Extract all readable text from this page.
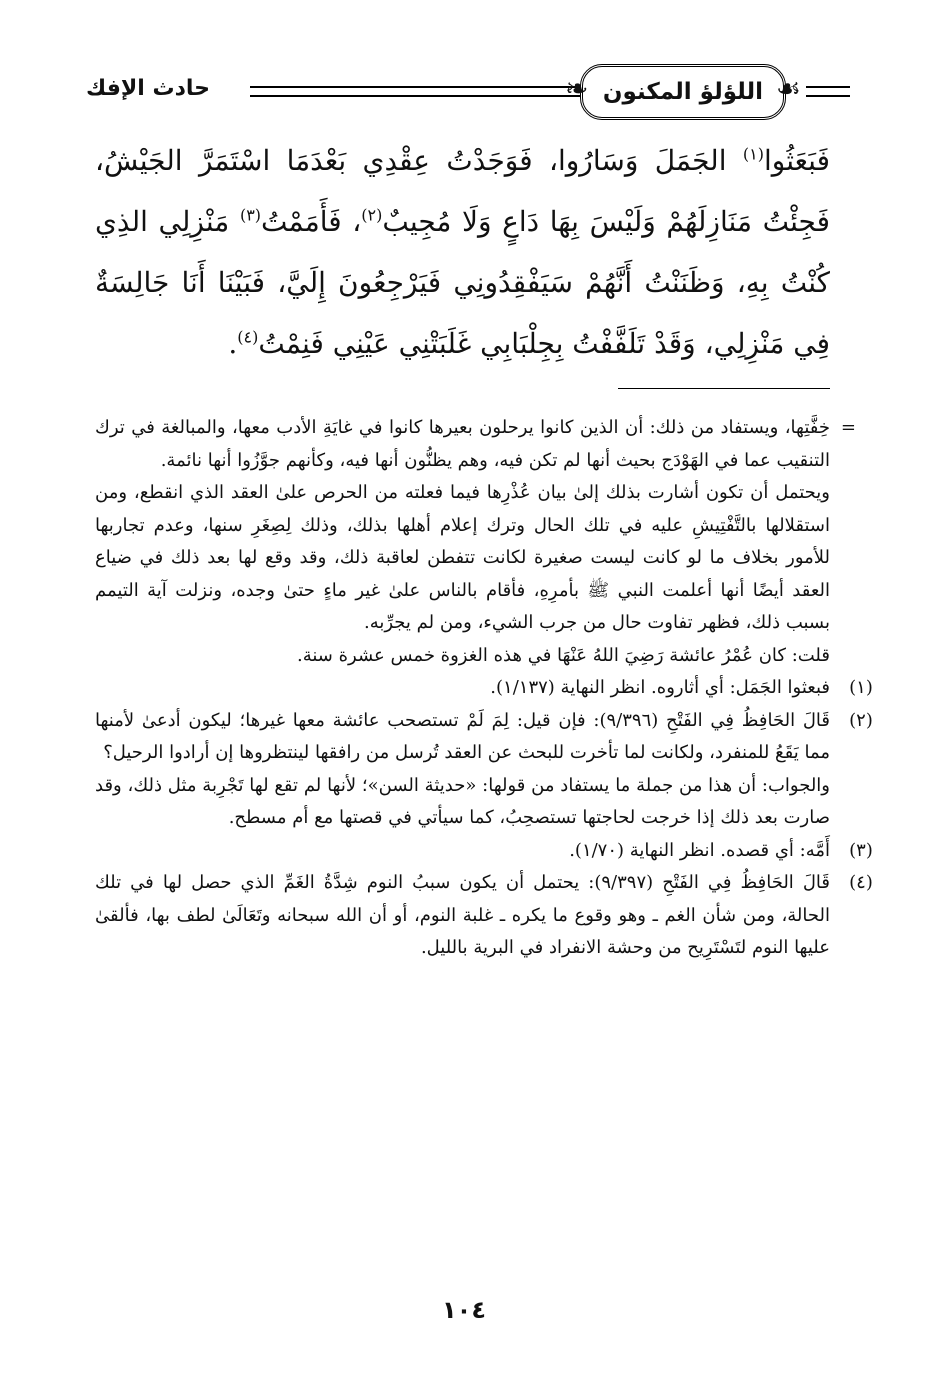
حادث الإفك	☙
اللؤلؤ المكنون
❧
فَبَعَثُوا$^{(١)}$ الجَمَلَ وَسَارُوا، فَوَجَدْتُ عِقْدِي بَعْدَمَا اسْتَمَرَّ الجَيْشُ، فَجِئْتُ مَنَازِلَهُمْ وَلَيْسَ بِهَا دَاعٍ وَلَا مُجِيبٌ$^{(٢)}$، فَأَمَمْتُ$^{(٣)}$ مَنْزِلِي الذِي كُنْتُ بِهِ، وَظَنَنْتُ أَنَّهُمْ سَيَفْقِدُونِي فَيَرْجِعُونَ إِلَيَّ، فَبَيْنَا أَنَا جَالِسَةٌ فِي مَنْزِلِي، وَقَدْ تَلَفَّفْتُ بِجِلْبَابِي غَلَبَتْنِي عَيْنِي فَنِمْتُ$^{(٤)}$.

=
خِفَّتِها، ويستفاد من ذلك: أن الذين كانوا يرحلون بعيرها كانوا في غايَةِ الأدب معها، والمبالغة في ترك التنقيب عما في الهَوْدَج بحيث أنها لم تكن فيه، وهم يظنُّون أنها فيه، وكأنهم جوَّزُوا أنها نائمة.

ويحتمل أن تكون أشارت بذلك إلىٰ بيان عُذْرِها فيما فعلته من الحرص علىٰ العقد الذي انقطع، ومن استقلالها بالتَّفْتِيشِ عليه في تلك الحال وترك إعلام أهلها بذلك، وذلك لِصِغَرِ سنها، وعدم تجاربها للأمور بخلاف ما لو كانت ليست صغيرة لكانت تتفطن لعاقبة ذلك، وقد وقع لها بعد ذلك في ضياع العقد أيضًا أنها أعلمت النبي ﷺ بأمرِهِ، فأقام بالناس علىٰ غير ماءٍ حتىٰ وجده، ونزلت آية التيمم بسبب ذلك، فظهر تفاوت حال من جرب الشيء، ومن لم يجرِّبه.

قلت: كان عُمْرُ عائشة رَضِيَ اللهُ عَنْهَا في هذه الغزوة خمس عشرة سنة.

(١)
فبعثوا الجَمَل: أي أثاروه. انظر النهاية (١/١٣٧).

(٢)
قَالَ الحَافِظُ فِي الفَتْحِ (٩/٣٩٦): فإن قيل: لِمَ لَمْ تستصحب عائشة معها غيرها؛ ليكون أدعىٰ لأمنها مما يَقَعُ للمنفرد، ولكانت لما تأخرت للبحث عن العقد تُرسل من رافقها لينتظروها إن أرادوا الرحيل؟

والجواب: أن هذا من جملة ما يستفاد من قولها: «حديثة السن»؛ لأنها لم تقع لها تَجْرِبة مثل ذلك، وقد صارت بعد ذلك إذا خرجت لحاجتها تستصحِبُ، كما سيأتي في قصتها مع أم مسطح.

(٣)
أَمَّه: أي قصده. انظر النهاية (١/٧٠).

(٤)
قَالَ الحَافِظُ فِي الفَتْحِ (٩/٣٩٧): يحتمل أن يكون سببُ النوم شِدَّةُ الغَمِّ الذي حصل لها في تلك الحالة، ومن شأن الغم ـ وهو وقوع ما يكره ـ غلبة النوم، أو أن الله سبحانه وتَعَالَىٰ لطف بها، فألقىٰ عليها النوم لتَسْتَرِيح من وحشة الانفراد في البرية بالليل.

١٠٤
